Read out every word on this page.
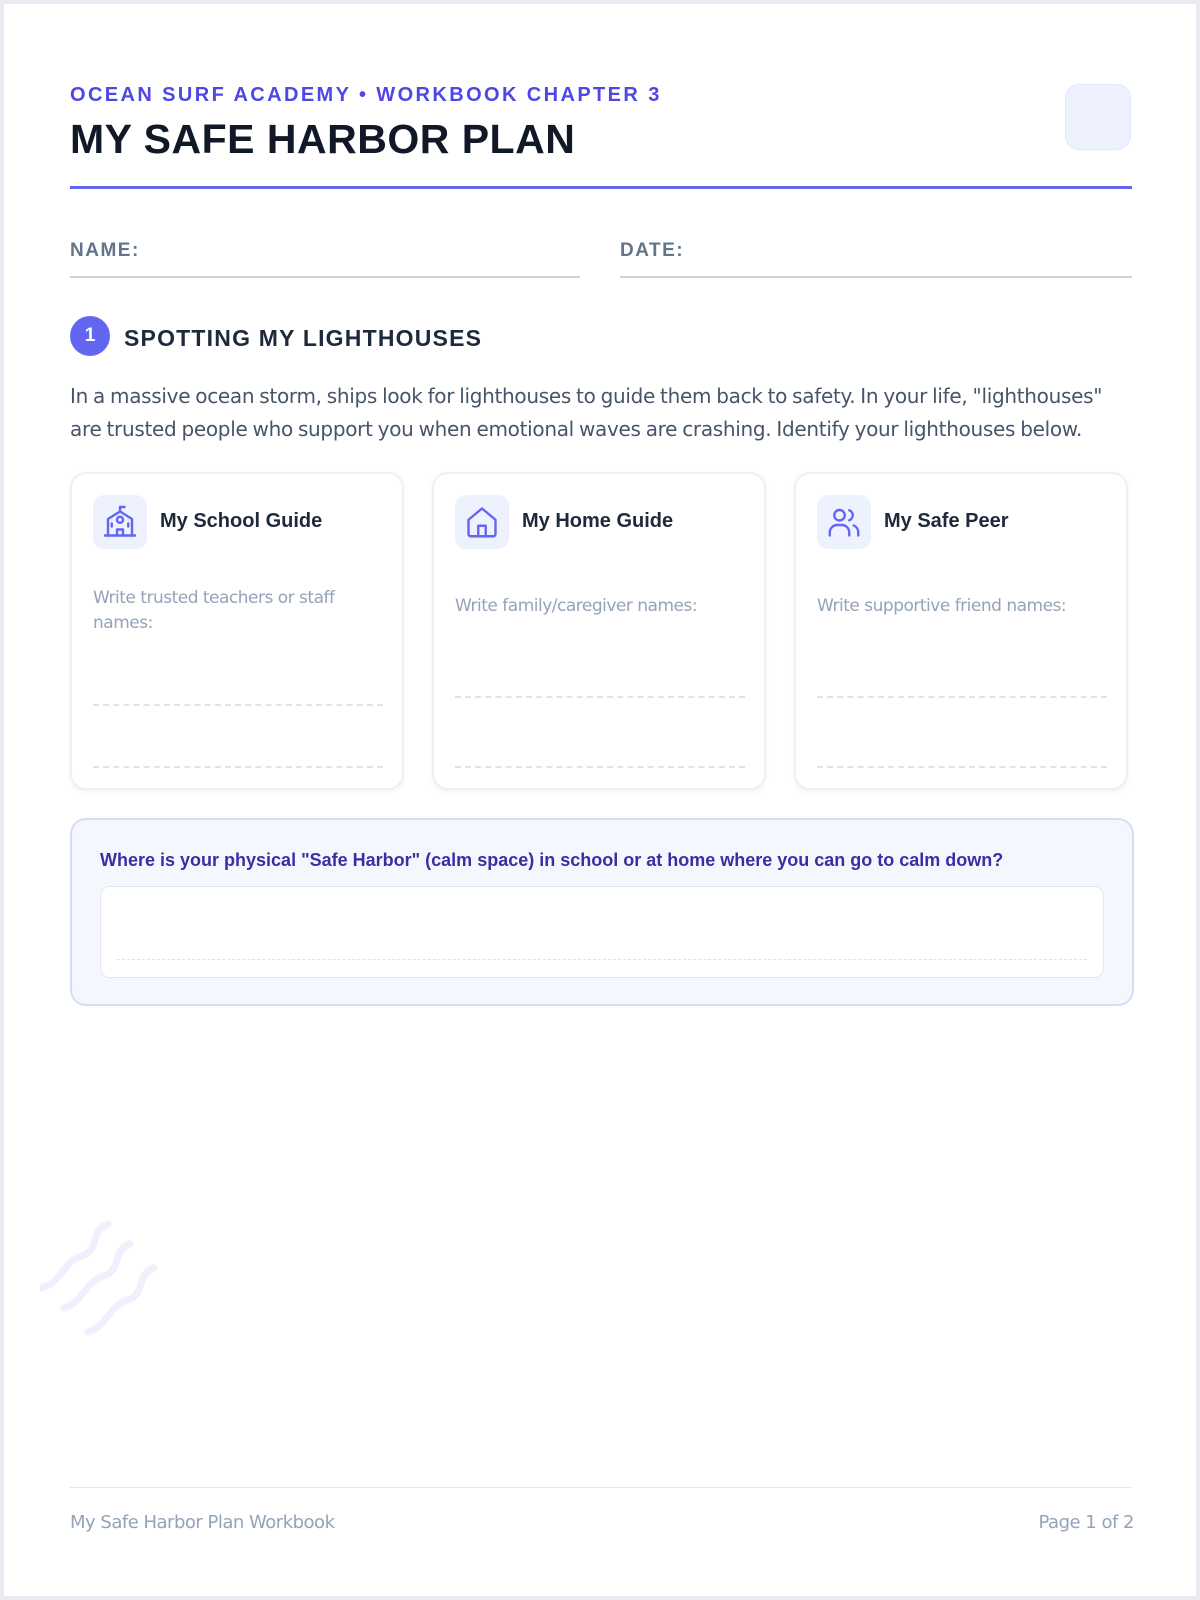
OCEAN SURF ACADEMY • WORKBOOK CHAPTER 3
MY SAFE HARBOR PLAN
NAME:	DATE:
1	SPOTTING MY LIGHTHOUSES
In a massive ocean storm, ships look for lighthouses to guide them back to safety. In your life, "lighthouses" are trusted people who support you when emotional waves are crashing. Identify your lighthouses below.
My School Guide
Write trusted teachers or staff names:
My Home Guide
Write family/caregiver names:
My Safe Peer
Write supportive friend names:
Where is your physical "Safe Harbor" (calm space) in school or at home where you can go to calm down?
My Safe Harbor Plan Workbook	Page 1 of 2
